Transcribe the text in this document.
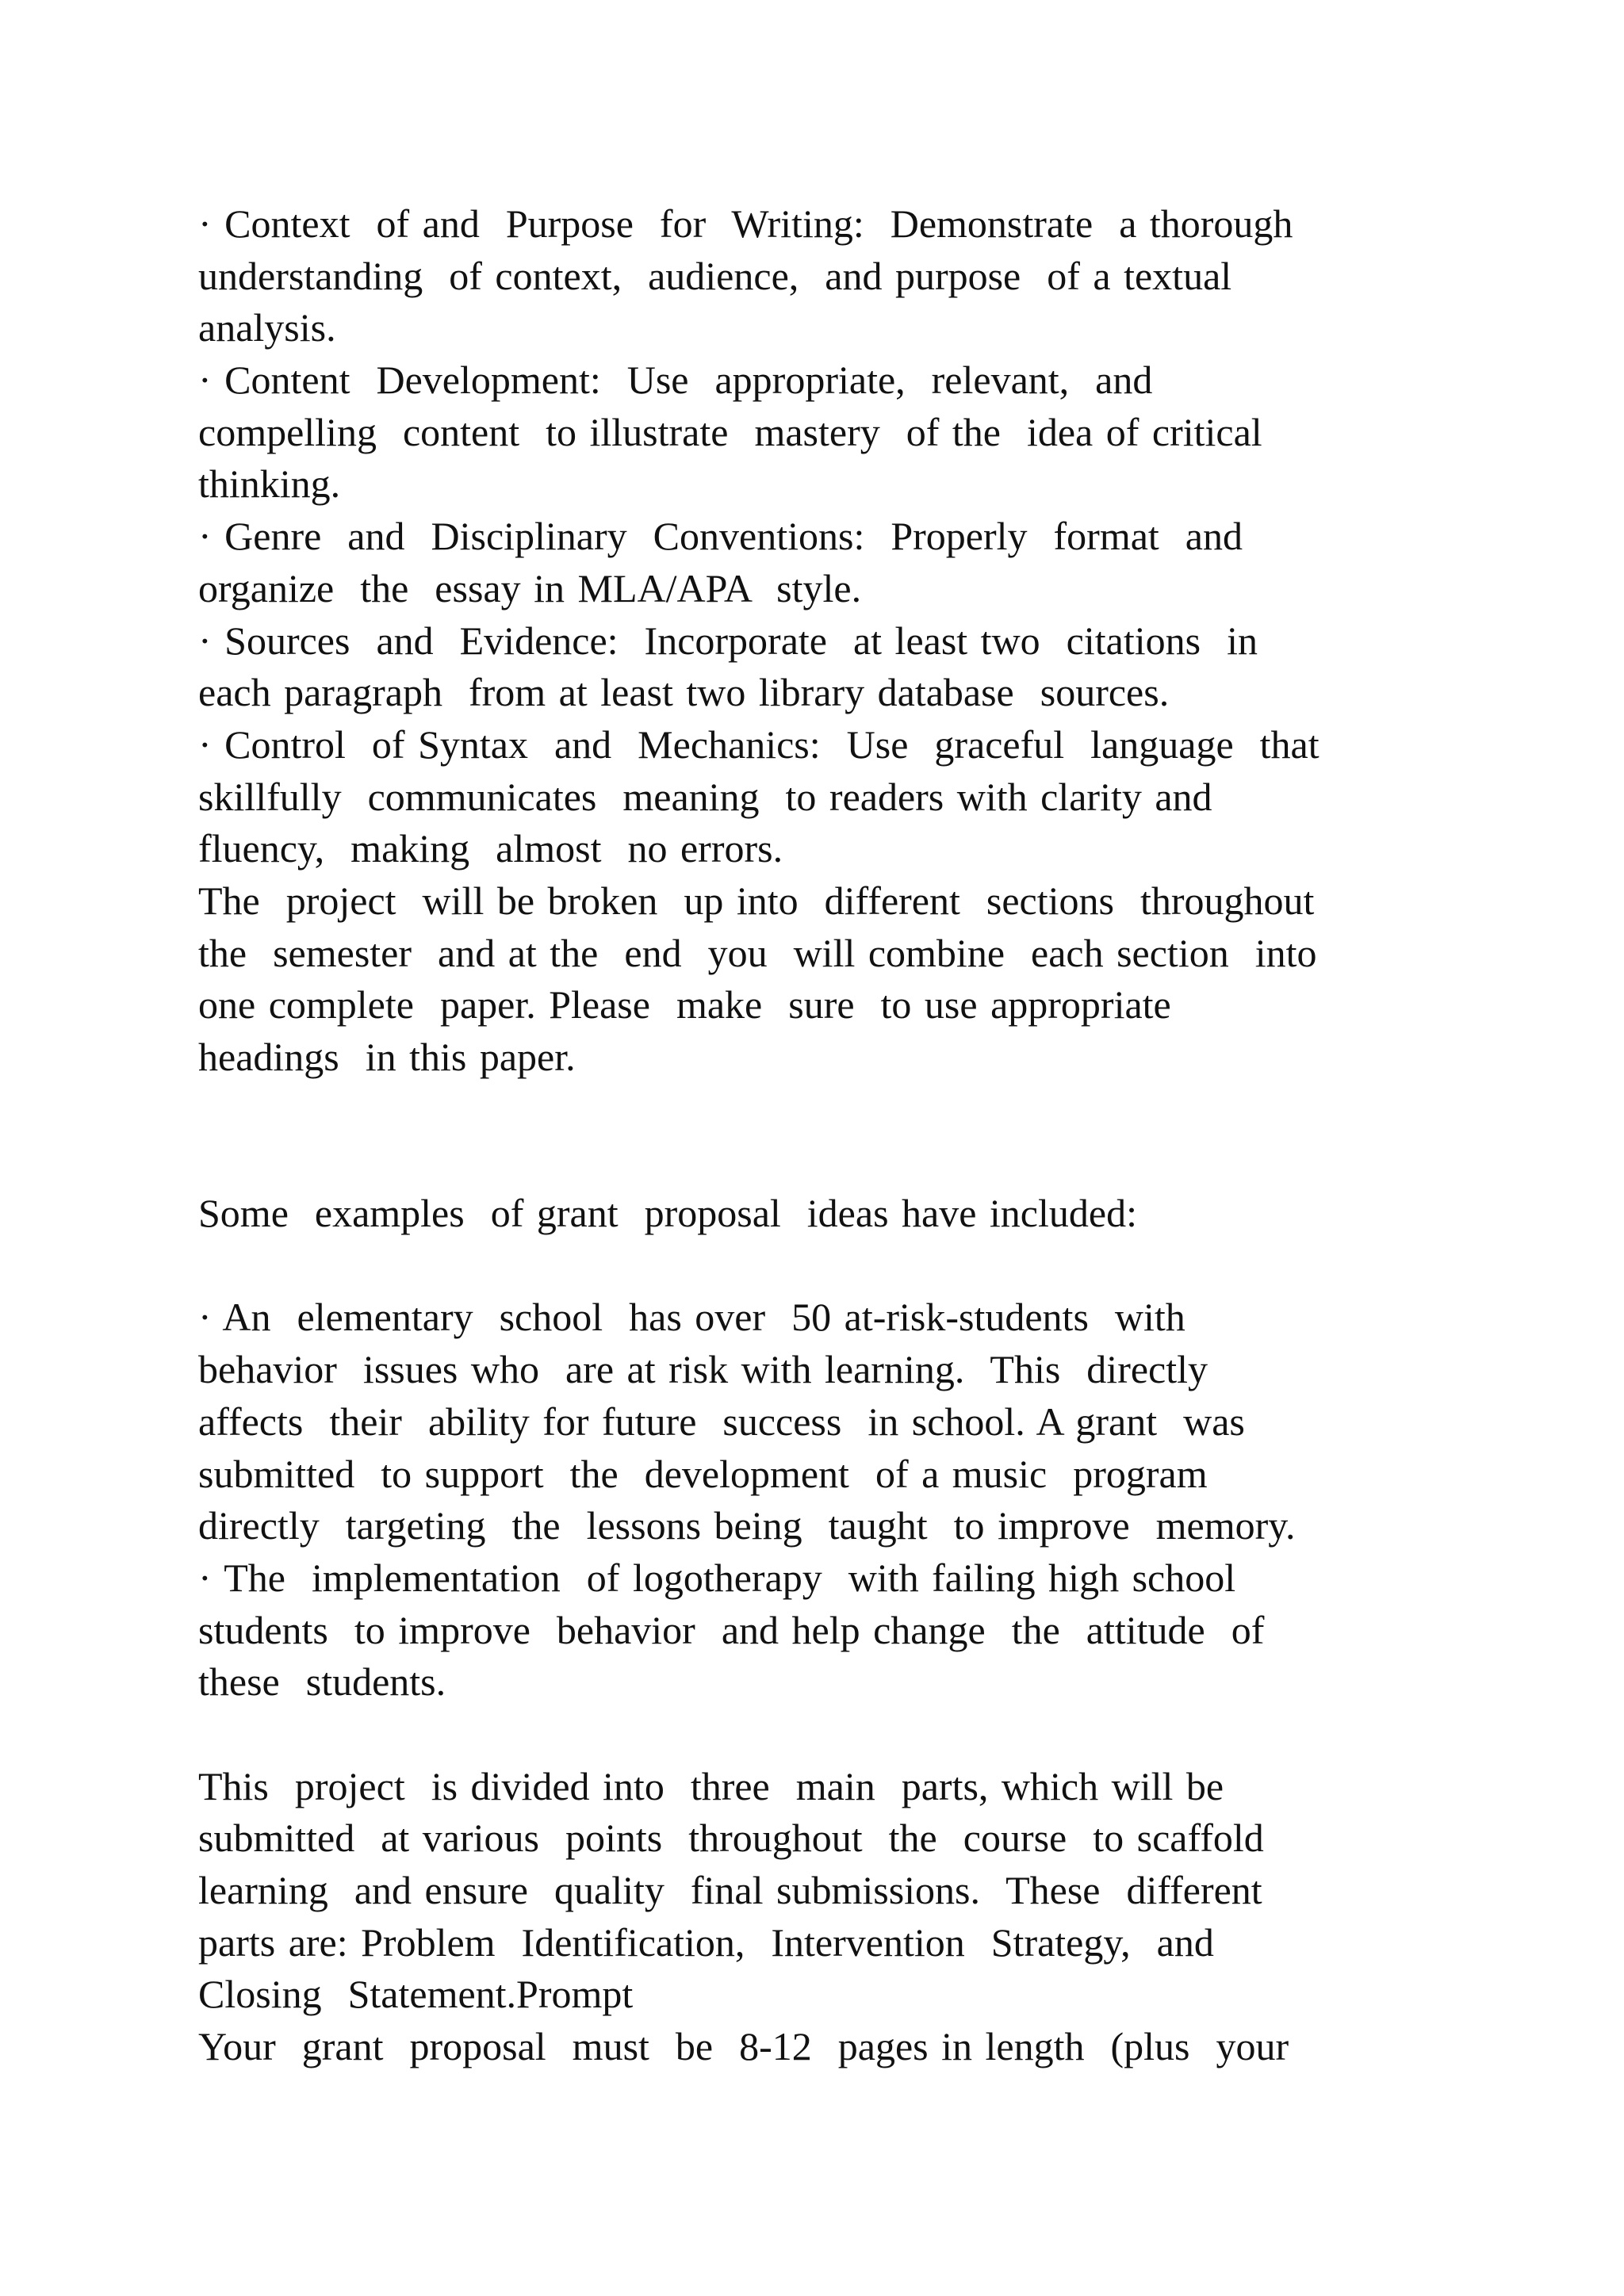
· Context  of and  Purpose  for  Writing:  Demonstrate  a thorough
understanding  of context,  audience,  and purpose  of a textual
analysis.
· Content  Development:  Use  appropriate,  relevant,  and
compelling  content  to illustrate  mastery  of the  idea of critical
thinking.
· Genre  and  Disciplinary  Conventions:  Properly  format  and
organize  the  essay in MLA/APA  style.
· Sources  and  Evidence:  Incorporate  at least two  citations  in
each paragraph  from at least two library database  sources.
· Control  of Syntax  and  Mechanics:  Use  graceful  language  that
skillfully  communicates  meaning  to readers with clarity and
fluency,  making  almost  no errors.
The  project  will be broken  up into  different  sections  throughout
the  semester  and at the  end  you  will combine  each section  into
one complete  paper. Please  make  sure  to use appropriate
headings  in this paper.
Some  examples  of grant  proposal  ideas have included:
· An  elementary  school  has over  50 at-risk-students  with
behavior  issues who  are at risk with learning.  This  directly
affects  their  ability for future  success  in school. A grant  was
submitted  to support  the  development  of a music  program
directly  targeting  the  lessons being  taught  to improve  memory.
· The  implementation  of logotherapy  with failing high school
students  to improve  behavior  and help change  the  attitude  of
these  students.
This  project  is divided into  three  main  parts, which will be
submitted  at various  points  throughout  the  course  to scaffold
learning  and ensure  quality  final submissions.  These  different
parts are: Problem  Identification,  Intervention  Strategy,  and
Closing  Statement.Prompt
Your  grant  proposal  must  be  8-12  pages in length  (plus  your
